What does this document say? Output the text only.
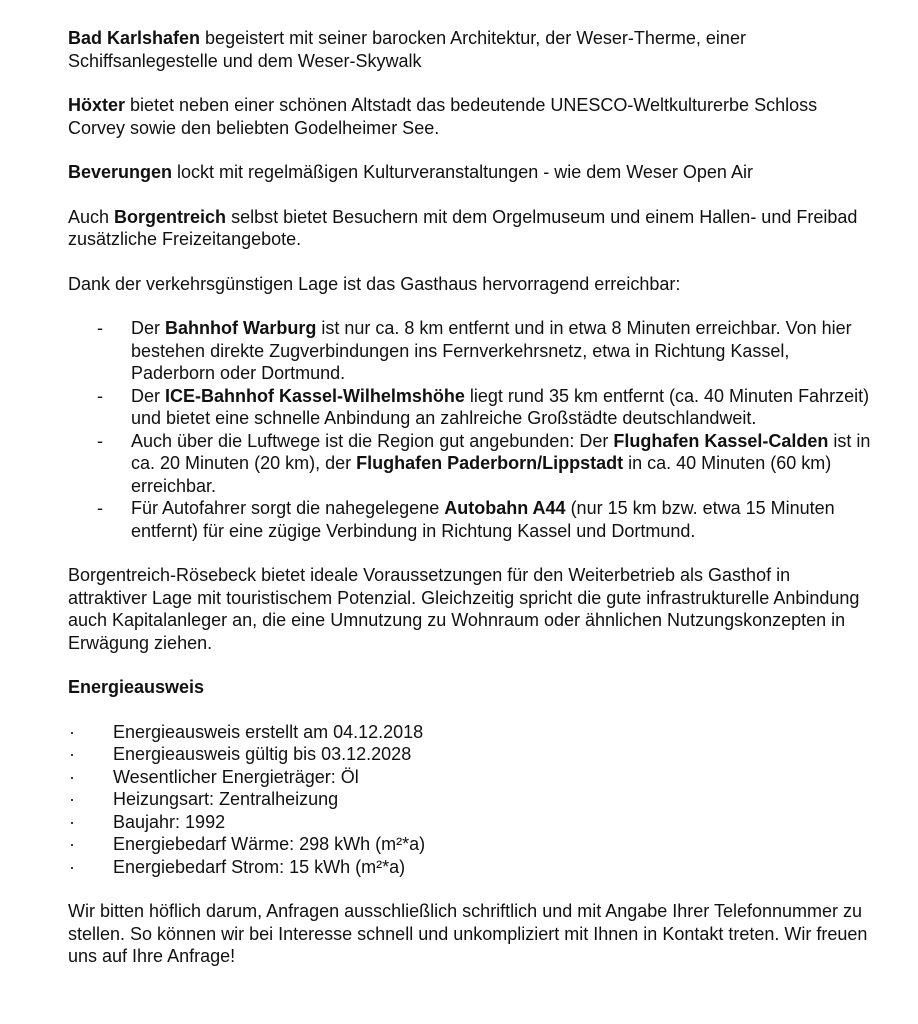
Bad Karlshafen begeistert mit seiner barocken Architektur, der Weser-Therme, einer Schiffsanlegestelle und dem Weser-Skywalk

Höxter bietet neben einer schönen Altstadt das bedeutende UNESCO-Weltkulturerbe Schloss Corvey sowie den beliebten Godelheimer See.

Beverungen lockt mit regelmäßigen Kulturveranstaltungen - wie dem Weser Open Air

Auch Borgentreich selbst bietet Besuchern mit dem Orgelmuseum und einem Hallen- und Freibad zusätzliche Freizeitangebote.

Dank der verkehrsgünstigen Lage ist das Gasthaus hervorragend erreichbar:

- Der Bahnhof Warburg ist nur ca. 8 km entfernt und in etwa 8 Minuten erreichbar. Von hier bestehen direkte Zugverbindungen ins Fernverkehrsnetz, etwa in Richtung Kassel, Paderborn oder Dortmund.
- Der ICE-Bahnhof Kassel-Wilhelmshöhe liegt rund 35 km entfernt (ca. 40 Minuten Fahrzeit) und bietet eine schnelle Anbindung an zahlreiche Großstädte deutschlandweit.
- Auch über die Luftwege ist die Region gut angebunden: Der Flughafen Kassel-Calden ist in ca. 20 Minuten (20 km), der Flughafen Paderborn/Lippstadt in ca. 40 Minuten (60 km) erreichbar.
- Für Autofahrer sorgt die nahegelegene Autobahn A44 (nur 15 km bzw. etwa 15 Minuten entfernt) für eine zügige Verbindung in Richtung Kassel und Dortmund.

Borgentreich-Rösebeck bietet ideale Voraussetzungen für den Weiterbetrieb als Gasthof in attraktiver Lage mit touristischem Potenzial. Gleichzeitig spricht die gute infrastrukturelle Anbindung auch Kapitalanleger an, die eine Umnutzung zu Wohnraum oder ähnlichen Nutzungskonzepten in Erwägung ziehen.

Energieausweis
· Energieausweis erstellt am 04.12.2018
· Energieausweis gültig bis 03.12.2028
· Wesentlicher Energieträger: Öl
· Heizungsart: Zentralheizung
· Baujahr: 1992
· Energiebedarf Wärme: 298 kWh (m²*a)
· Energiebedarf Strom: 15 kWh (m²*a)

Wir bitten höflich darum, Anfragen ausschließlich schriftlich und mit Angabe Ihrer Telefonnummer zu stellen. So können wir bei Interesse schnell und unkompliziert mit Ihnen in Kontakt treten. Wir freuen uns auf Ihre Anfrage!
